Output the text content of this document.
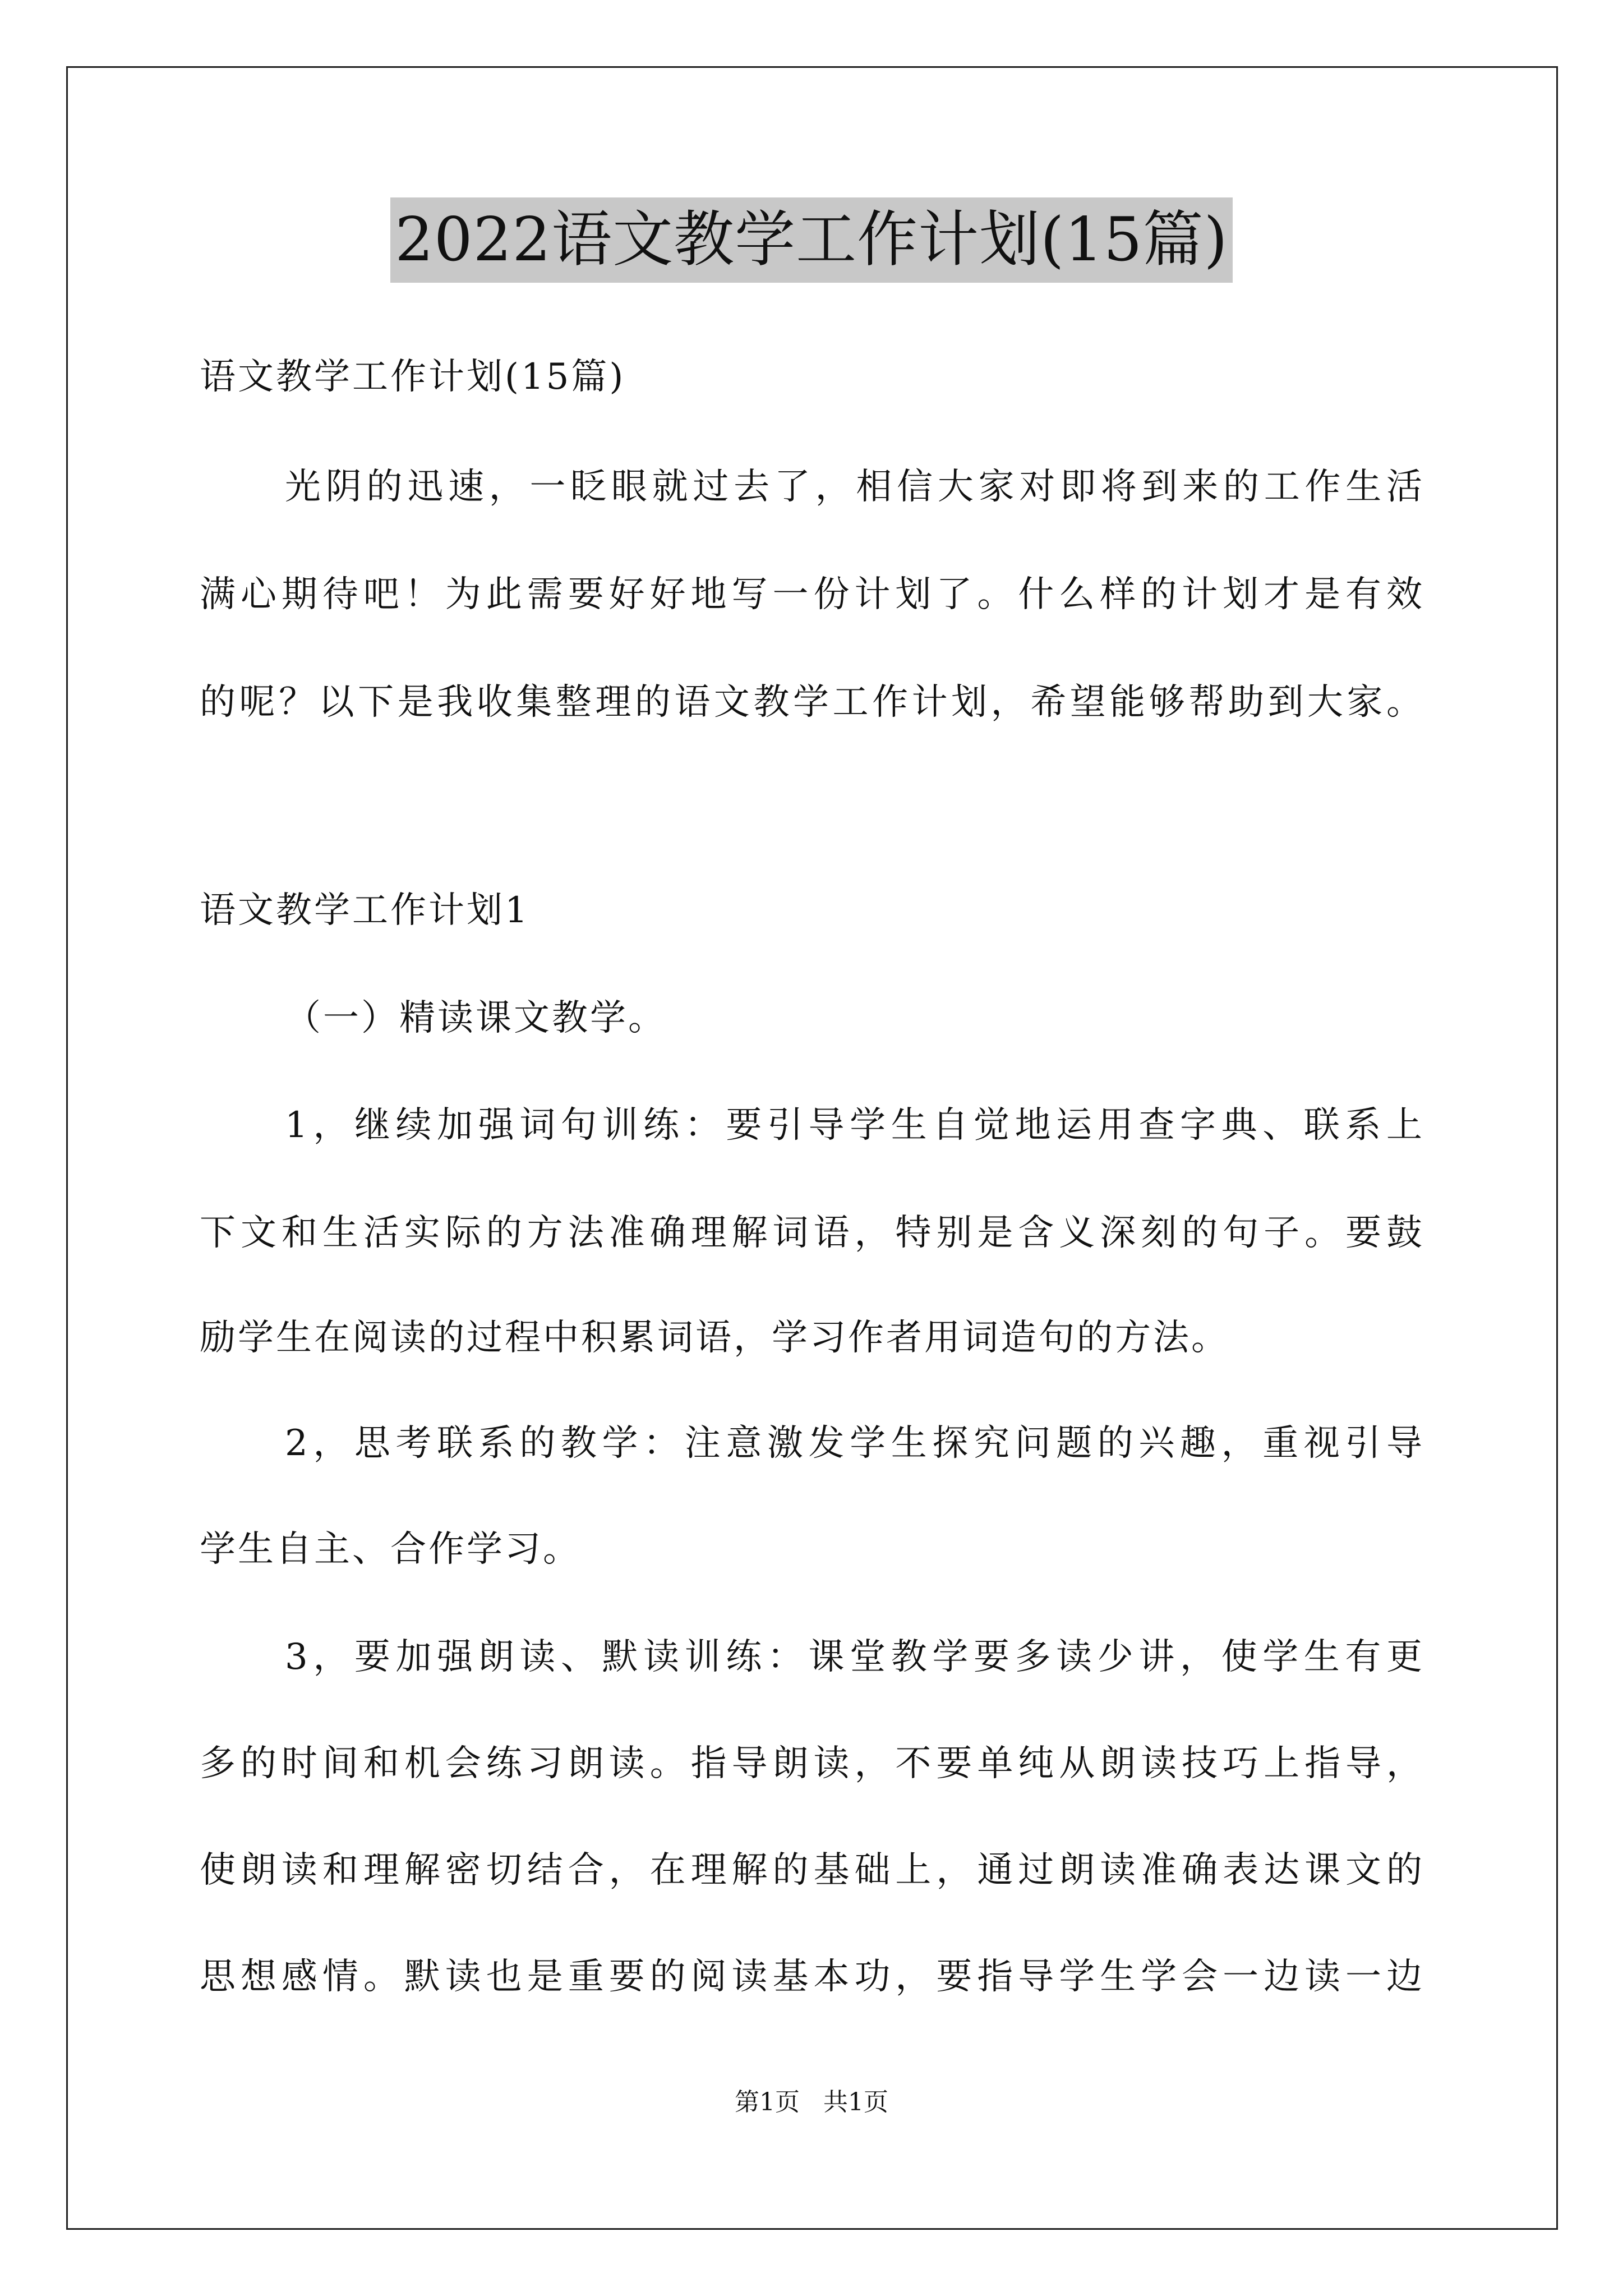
2022语文教学工作计划(15篇)
语文教学工作计划(15篇)
光阴的迅速，一眨眼就过去了，相信大家对即将到来的工作生活
满心期待吧！为此需要好好地写一份计划了。什么样的计划才是有效
的呢？以下是我收集整理的语文教学工作计划，希望能够帮助到大家。
语文教学工作计划1
（一）精读课文教学。
1，继续加强词句训练：要引导学生自觉地运用查字典、联系上
下文和生活实际的方法准确理解词语，特别是含义深刻的句子。要鼓
励学生在阅读的过程中积累词语，学习作者用词造句的方法。
2，思考联系的教学：注意激发学生探究问题的兴趣，重视引导
学生自主、合作学习。
3，要加强朗读、默读训练：课堂教学要多读少讲，使学生有更
多的时间和机会练习朗读。指导朗读，不要单纯从朗读技巧上指导，
使朗读和理解密切结合，在理解的基础上，通过朗读准确表达课文的
思想感情。默读也是重要的阅读基本功，要指导学生学会一边读一边
第1页   共1页
